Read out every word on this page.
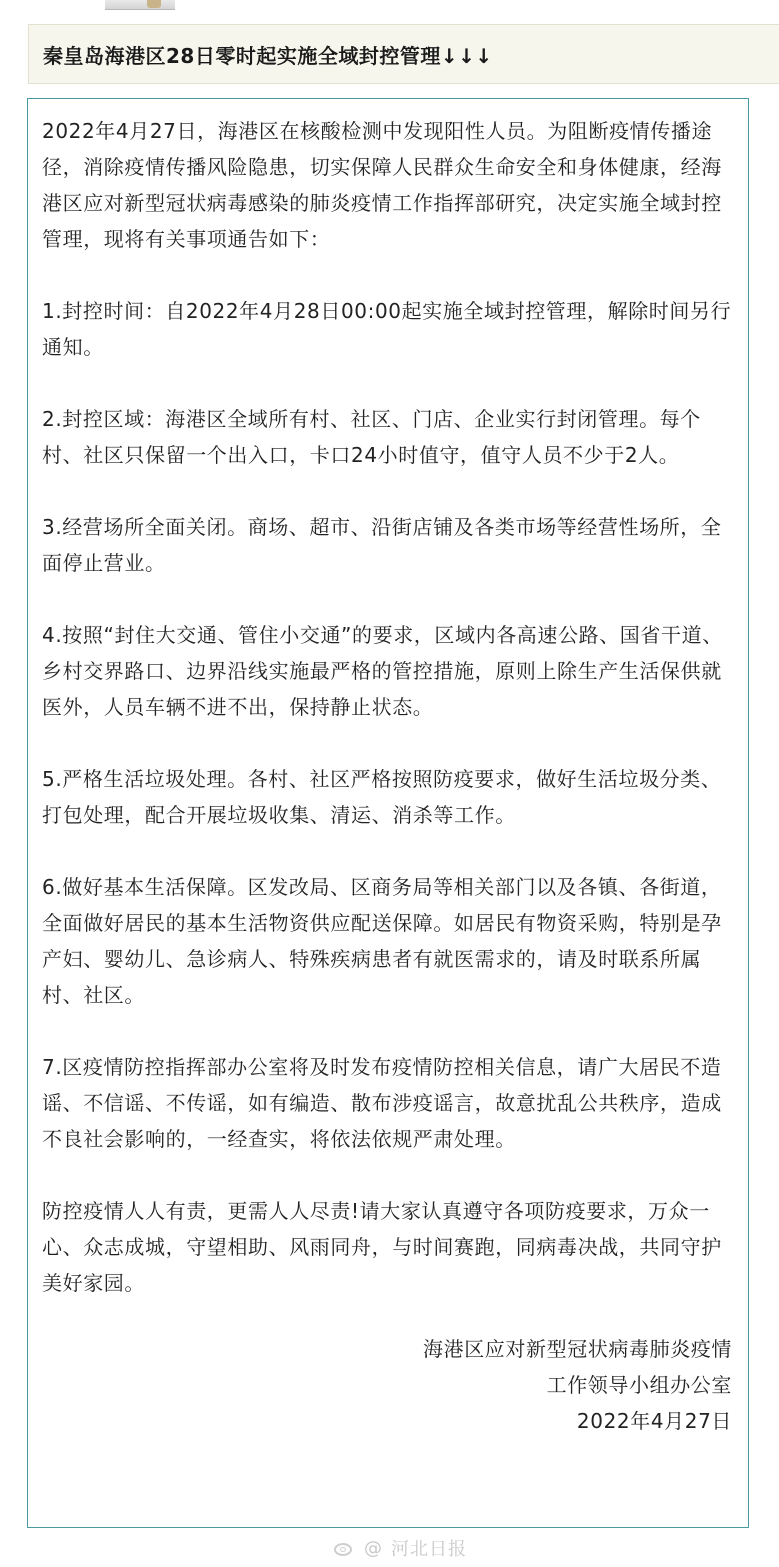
秦皇岛海港区28日零时起实施全域封控管理↓↓↓

2022年4月27日，海港区在核酸检测中发现阳性人员。为阻断疫情传播途径，消除疫情传播风险隐患，切实保障人民群众生命安全和身体健康，经海港区应对新型冠状病毒感染的肺炎疫情工作指挥部研究，决定实施全域封控管理，现将有关事项通告如下：

1.封控时间：自2022年4月28日00:00起实施全域封控管理，解除时间另行通知。

2.封控区域：海港区全域所有村、社区、门店、企业实行封闭管理。每个村、社区只保留一个出入口，卡口24小时值守，值守人员不少于2人。

3.经营场所全面关闭。商场、超市、沿街店铺及各类市场等经营性场所，全面停止营业。

4.按照“封住大交通、管住小交通”的要求，区域内各高速公路、国省干道、乡村交界路口、边界沿线实施最严格的管控措施，原则上除生产生活保供就医外，人员车辆不进不出，保持静止状态。

5.严格生活垃圾处理。各村、社区严格按照防疫要求，做好生活垃圾分类、打包处理，配合开展垃圾收集、清运、消杀等工作。

6.做好基本生活保障。区发改局、区商务局等相关部门以及各镇、各街道，全面做好居民的基本生活物资供应配送保障。如居民有物资采购，特别是孕产妇、婴幼儿、急诊病人、特殊疾病患者有就医需求的，请及时联系所属村、社区。

7.区疫情防控指挥部办公室将及时发布疫情防控相关信息，请广大居民不造谣、不信谣、不传谣，如有编造、散布涉疫谣言，故意扰乱公共秩序，造成不良社会影响的，一经查实，将依法依规严肃处理。

防控疫情人人有责，更需人人尽责!请大家认真遵守各项防疫要求，万众一心、众志成城，守望相助、风雨同舟，与时间赛跑，同病毒决战，共同守护美好家园。

海港区应对新型冠状病毒肺炎疫情
工作领导小组办公室
2022年4月27日
@ 河北日报
